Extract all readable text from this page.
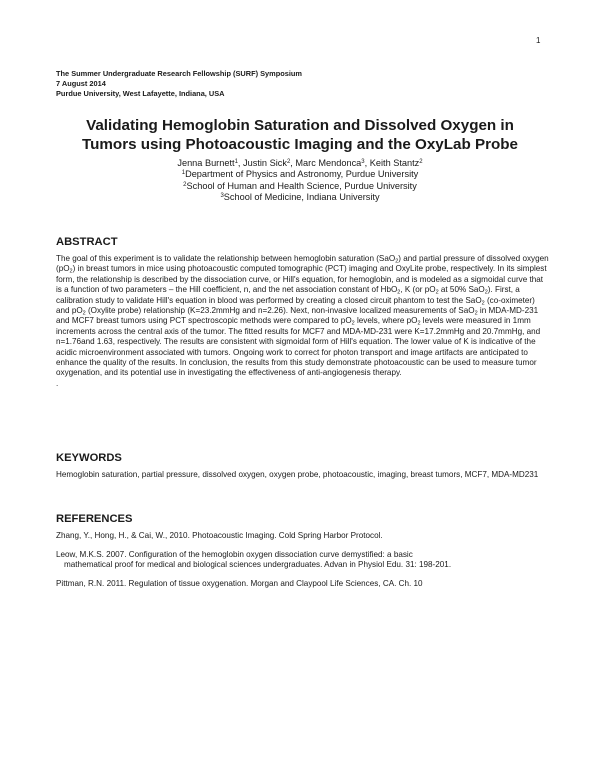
1
The Summer Undergraduate Research Fellowship (SURF) Symposium
7 August 2014
Purdue University, West Lafayette, Indiana, USA
Validating Hemoglobin Saturation and Dissolved Oxygen in
Tumors using Photoacoustic Imaging and the OxyLab Probe
Jenna Burnett$^1$, Justin Sick$^2$, Marc Mendonca$^3$, Keith Stantz$^2$
$^1$Department of Physics and Astronomy, Purdue University
$^2$School of Human and Health Science, Purdue University
$^3$School of Medicine, Indiana University
ABSTRACT
The goal of this experiment is to validate the relationship between hemoglobin saturation (SaO$_2$) and partial pressure of dissolved oxygen $(pO_2)$ in breast tumors in mice using photoacoustic computed tomographic (PCT) imaging and OxyLite probe, respectively. In its simplest form, the relationship is described by the dissociation curve, or Hill's equation, for hemoglobin, and is modeled as a sigmoidal curve that is a function of two parameters – the Hill coefficient, n, and the net association constant of HbO$_2$, K (or $pO_2$ at 50% SaO$_2$). First, a calibration study to validate Hill's equation in blood was performed by creating a closed circuit phantom to test the SaO$_2$ (co-oximeter) and $pO_2$ (Oxylite probe) relationship (K=23.2mmHg and n=2.26). Next, non-invasive localized measurements of SaO$_2$ in MDA-MD-231 and MCF7 breast tumors using PCT spectroscopic methods were compared to $pO_2$ levels, where $pO_2$ levels were measured in 1mm increments across the central axis of the tumor. The fitted results for MCF7 and MDA-MD-231 were K=17.2mmHg and 20.7mmHg, and n=1.76and 1.63, respectively. The results are consistent with sigmoidal form of Hill's equation. The lower value of K is indicative of the acidic microenvironment associated with tumors. Ongoing work to correct for photon transport and image artifacts are anticipated to enhance the quality of the results. In conclusion, the results from this study demonstrate photoacoustic can be used to measure tumor oxygenation, and its potential use in investigating the effectiveness of anti-angiogenesis therapy.
.
KEYWORDS
Hemoglobin saturation, partial pressure, dissolved oxygen, oxygen probe, photoacoustic, imaging, breast tumors, MCF7, MDA-MD231
REFERENCES
Zhang, Y., Hong, H., & Cai, W., 2010. Photoacoustic Imaging. Cold Spring Harbor Protocol.
Leow, M.K.S. 2007. Configuration of the hemoglobin oxygen dissociation curve demystified: a basic
mathematical proof for medical and biological sciences undergraduates. Advan in Physiol Edu. 31: 198-201.
Pittman, R.N. 2011. Regulation of tissue oxygenation. Morgan and Claypool Life Sciences, CA. Ch. 10
